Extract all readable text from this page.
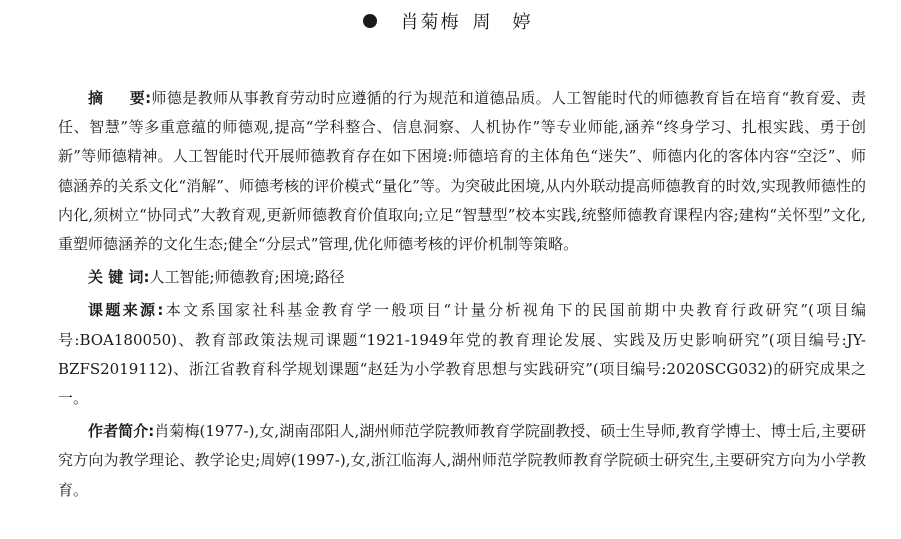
肖菊梅 周　婷

摘 要:师德是教师从事教育劳动时应遵循的行为规范和道德品质。人工智能时代的师德教育旨在培育“教育爱、责任、智慧”等多重意蕴的师德观,提高“学科整合、信息洞察、人机协作”等专业师能,涵养“终身学习、扎根实践、勇于创新”等师德精神。人工智能时代开展师德教育存在如下困境:师德培育的主体角色“迷失”、师德内化的客体内容“空泛”、师德涵养的关系文化“消解”、师德考核的评价模式“量化”等。为突破此困境,从内外联动提高师德教育的时效,实现教师德性的内化,须树立“协同式”大教育观,更新师德教育价值取向;立足“智慧型”校本实践,统整师德教育课程内容;建构“关怀型”文化,重塑师德涵养的文化生态;健全“分层式”管理,优化师德考核的评价机制等策略。

关 键 词:人工智能;师德教育;困境;路径

课题来源:本文系国家社科基金教育学一般项目“计量分析视角下的民国前期中央教育行政研究”(项目编号:BOA180050)、教育部政策法规司课题“1921-1949年党的教育理论发展、实践及历史影响研究”(项目编号:JY-BZFS2019112)、浙江省教育科学规划课题“赵廷为小学教育思想与实践研究”(项目编号:2020SCG032)的研究成果之一。

作者简介:肖菊梅(1977-),女,湖南邵阳人,湖州师范学院教师教育学院副教授、硕士生导师,教育学博士、博士后,主要研究方向为教学理论、教学论史;周婷(1997-),女,浙江临海人,湖州师范学院教师教育学院硕士研究生,主要研究方向为小学教育。
